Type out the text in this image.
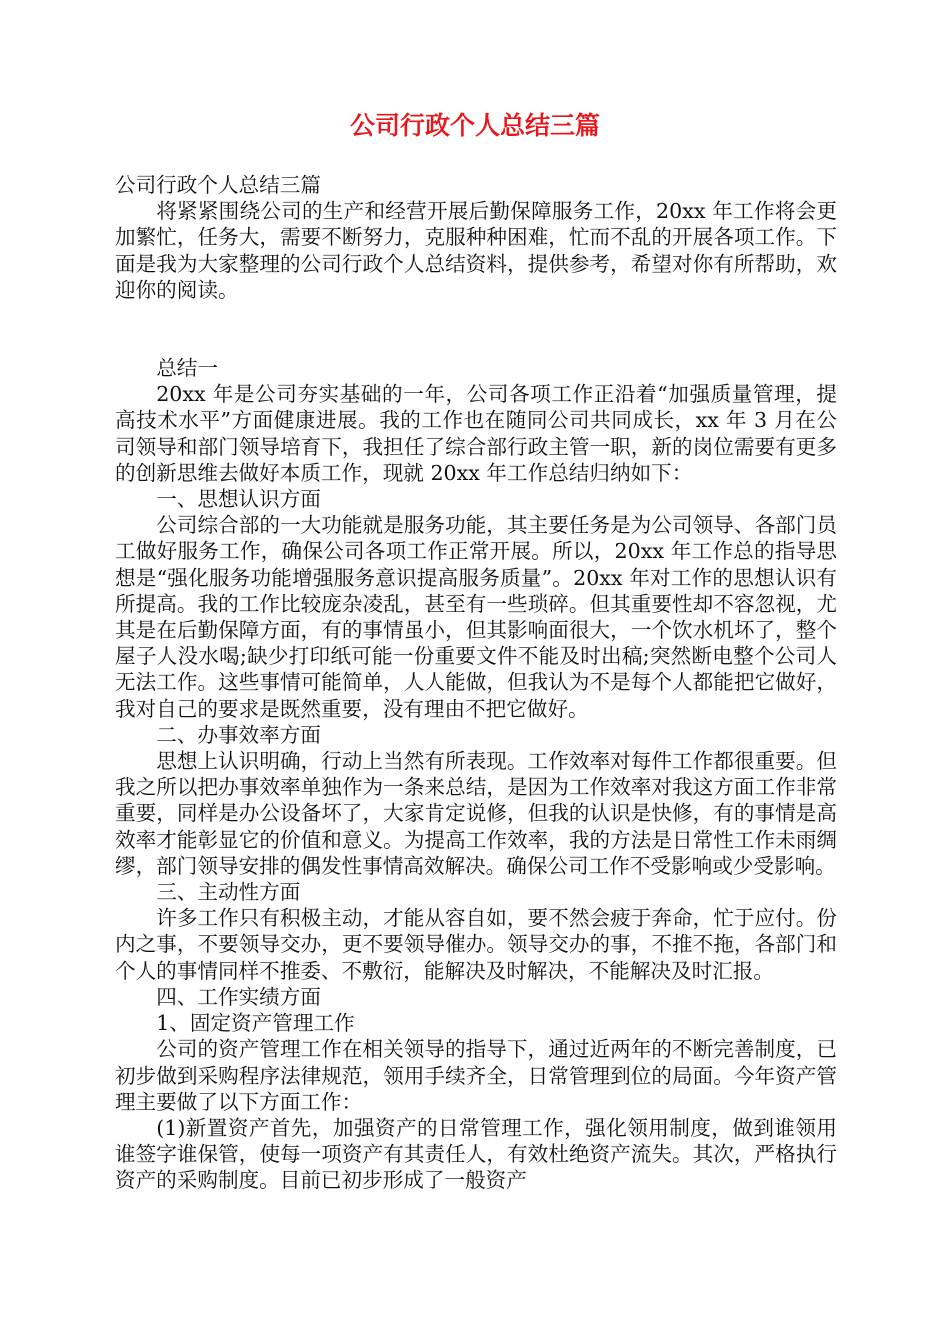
公司行政个人总结三篇

公司行政个人总结三篇

将紧紧围绕公司的生产和经营开展后勤保障服务工作，20xx 年工作将会更加繁忙，任务大，需要不断努力，克服种种困难，忙而不乱的开展各项工作。下面是我为大家整理的公司行政个人总结资料，提供参考，希望对你有所帮助，欢迎你的阅读。

总结一

20xx 年是公司夯实基础的一年，公司各项工作正沿着“加强质量管理，提高技术水平”方面健康进展。我的工作也在随同公司共同成长，xx 年 3 月在公司领导和部门领导培育下，我担任了综合部行政主管一职，新的岗位需要有更多的创新思维去做好本质工作，现就 20xx 年工作总结归纳如下：

一、思想认识方面

公司综合部的一大功能就是服务功能，其主要任务是为公司领导、各部门员工做好服务工作，确保公司各项工作正常开展。所以，20xx 年工作总的指导思想是“强化服务功能增强服务意识提高服务质量”。20xx 年对工作的思想认识有所提高。我的工作比较庞杂凌乱，甚至有一些琐碎。但其重要性却不容忽视，尤其是在后勤保障方面，有的事情虽小，但其影响面很大，一个饮水机坏了，整个屋子人没水喝;缺少打印纸可能一份重要文件不能及时出稿;突然断电整个公司人无法工作。这些事情可能简单，人人能做，但我认为不是每个人都能把它做好，我对自己的要求是既然重要，没有理由不把它做好。

二、办事效率方面

思想上认识明确，行动上当然有所表现。工作效率对每件工作都很重要。但我之所以把办事效率单独作为一条来总结，是因为工作效率对我这方面工作非常重要，同样是办公设备坏了，大家肯定说修，但我的认识是快修，有的事情是高效率才能彰显它的价值和意义。为提高工作效率，我的方法是日常性工作未雨绸缪，部门领导安排的偶发性事情高效解决。确保公司工作不受影响或少受影响。

三、主动性方面

许多工作只有积极主动，才能从容自如，要不然会疲于奔命，忙于应付。份内之事，不要领导交办，更不要领导催办。领导交办的事，不推不拖，各部门和个人的事情同样不推委、不敷衍，能解决及时解决，不能解决及时汇报。

四、工作实绩方面

1、固定资产管理工作

公司的资产管理工作在相关领导的指导下，通过近两年的不断完善制度，已初步做到采购程序法律规范，领用手续齐全，日常管理到位的局面。今年资产管理主要做了以下方面工作：

(1)新置资产首先，加强资产的日常管理工作，强化领用制度，做到谁领用谁签字谁保管，使每一项资产有其责任人，有效杜绝资产流失。其次，严格执行资产的采购制度。目前已初步形成了一般资产
